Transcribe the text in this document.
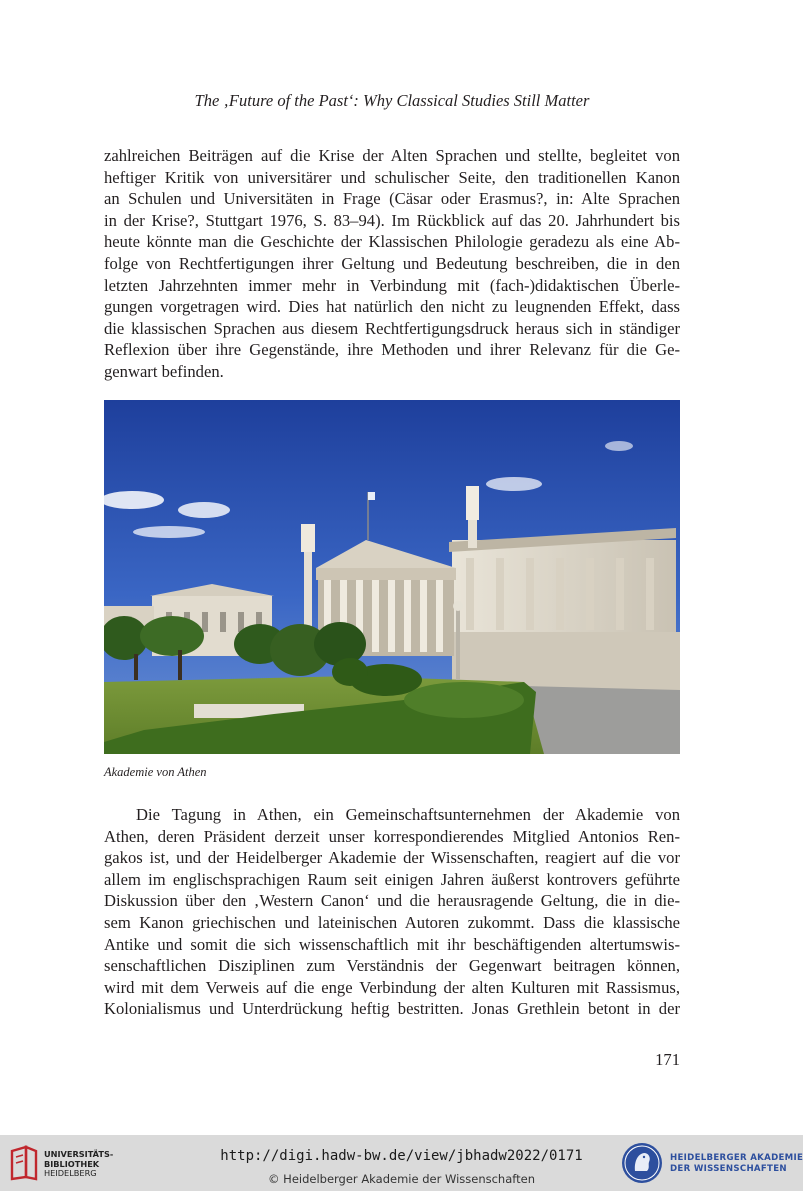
The ‚Future of the Past‘: Why Classical Studies Still Matter
zahlreichen Beiträgen auf die Krise der Alten Sprachen und stellte, begleitet von
heftiger Kritik von universitärer und schulischer Seite, den traditionellen Kanon
an Schulen und Universitäten in Frage (Cäsar oder Erasmus?, in: Alte Sprachen
in der Krise?, Stuttgart 1976, S. 83–94). Im Rückblick auf das 20. Jahrhundert bis
heute könnte man die Geschichte der Klassischen Philologie geradezu als eine Ab-
folge von Rechtfertigungen ihrer Geltung und Bedeutung beschreiben, die in den
letzten Jahrzehnten immer mehr in Verbindung mit (fach-)didaktischen Überle-
gungen vorgetragen wird. Dies hat natürlich den nicht zu leugnenden Effekt, dass
die klassischen Sprachen aus diesem Rechtfertigungsdruck heraus sich in ständiger
Reflexion über ihre Gegenstände, ihre Methoden und ihrer Relevanz für die Ge-
genwart befinden.
Akademie von Athen
Die Tagung in Athen, ein Gemeinschaftsunternehmen der Akademie von
Athen, deren Präsident derzeit unser korrespondierendes Mitglied Antonios Ren-
gakos ist, und der Heidelberger Akademie der Wissenschaften, reagiert auf die vor
allem im englischsprachigen Raum seit einigen Jahren äußerst kontrovers geführte
Diskussion über den ‚Western Canon‘ und die herausragende Geltung, die in die-
sem Kanon griechischen und lateinischen Autoren zukommt. Dass die klassische
Antike und somit die sich wissenschaftlich mit ihr beschäftigenden altertumswis-
senschaftlichen Disziplinen zum Verständnis der Gegenwart beitragen können,
wird mit dem Verweis auf die enge Verbindung der alten Kulturen mit Rassismus,
Kolonialismus und Unterdrückung heftig bestritten. Jonas Grethlein betont in der
171
UNIVERSITÄTS-
BIBLIOTHEK
HEIDELBERG
http://digi.hadw-bw.de/view/jbhadw2022/0171
© Heidelberger Akademie der Wissenschaften
HEIDELBERGER AKADEMIE
DER WISSENSCHAFTEN
